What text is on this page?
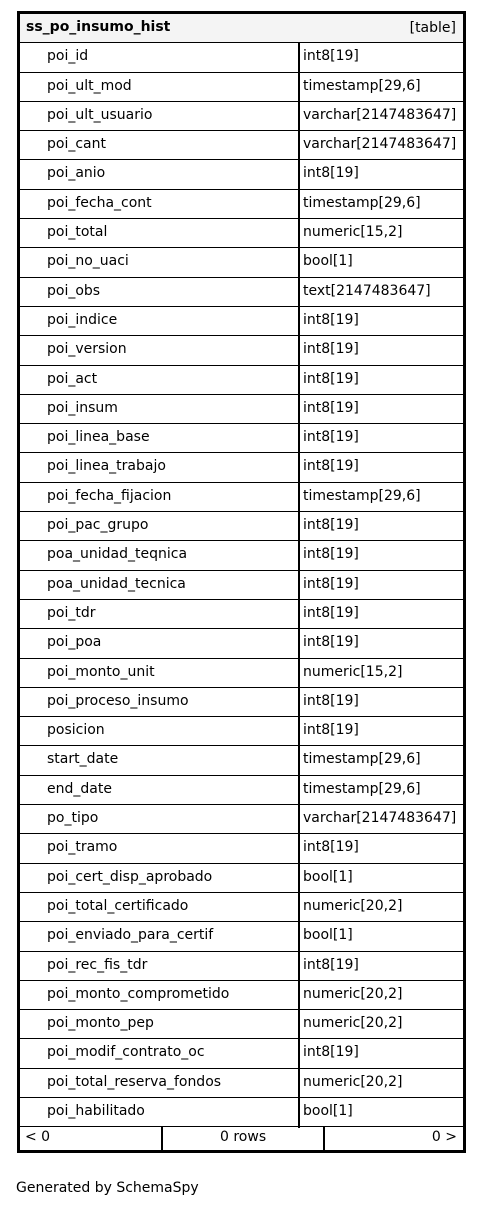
ss_po_insumo_hist	[table]
poi_id	int8[19]
poi_ult_mod	timestamp[29,6]
poi_ult_usuario	varchar[2147483647]
poi_cant	varchar[2147483647]
poi_anio	int8[19]
poi_fecha_cont	timestamp[29,6]
poi_total	numeric[15,2]
poi_no_uaci	bool[1]
poi_obs	text[2147483647]
poi_indice	int8[19]
poi_version	int8[19]
poi_act	int8[19]
poi_insum	int8[19]
poi_linea_base	int8[19]
poi_linea_trabajo	int8[19]
poi_fecha_fijacion	timestamp[29,6]
poi_pac_grupo	int8[19]
poa_unidad_teqnica	int8[19]
poa_unidad_tecnica	int8[19]
poi_tdr	int8[19]
poi_poa	int8[19]
poi_monto_unit	numeric[15,2]
poi_proceso_insumo	int8[19]
posicion	int8[19]
start_date	timestamp[29,6]
end_date	timestamp[29,6]
po_tipo	varchar[2147483647]
poi_tramo	int8[19]
poi_cert_disp_aprobado	bool[1]
poi_total_certificado	numeric[20,2]
poi_enviado_para_certif	bool[1]
poi_rec_fis_tdr	int8[19]
poi_monto_comprometido	numeric[20,2]
poi_monto_pep	numeric[20,2]
poi_modif_contrato_oc	int8[19]
poi_total_reserva_fondos	numeric[20,2]
poi_habilitado	bool[1]
< 0	0 rows	0 >
Generated by SchemaSpy
